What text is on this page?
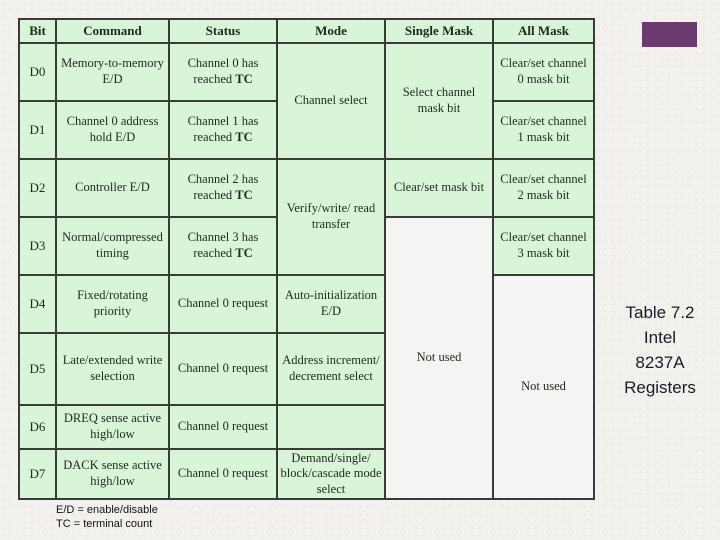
Bit	Command	Status	Mode	Single Mask	All Mask
D0	Memory-to-memory E/D	Channel 0 has reached TC	Channel select	Select channel mask bit	Clear/set channel 0 mask bit
D1	Channel 0 address hold E/D	Channel 1 has reached TC			Clear/set channel 1 mask bit
D2	Controller E/D	Channel 2 has reached TC	Verify/write/ read transfer	Clear/set mask bit	Clear/set channel 2 mask bit
D3	Normal/compressed timing	Channel 3 has reached TC		Not used	Clear/set channel 3 mask bit
D4	Fixed/rotating priority	Channel 0 request	Auto-initialization E/D		Not used
D5	Late/extended write selection	Channel 0 request	Address increment/ decrement select		
D6	DREQ sense active high/low	Channel 0 request			
D7	DACK sense active high/low	Channel 0 request	Demand/single/ block/cascade mode select		
Table 7.2
Intel
8237A
Registers
E/D = enable/disable
TC = terminal count
